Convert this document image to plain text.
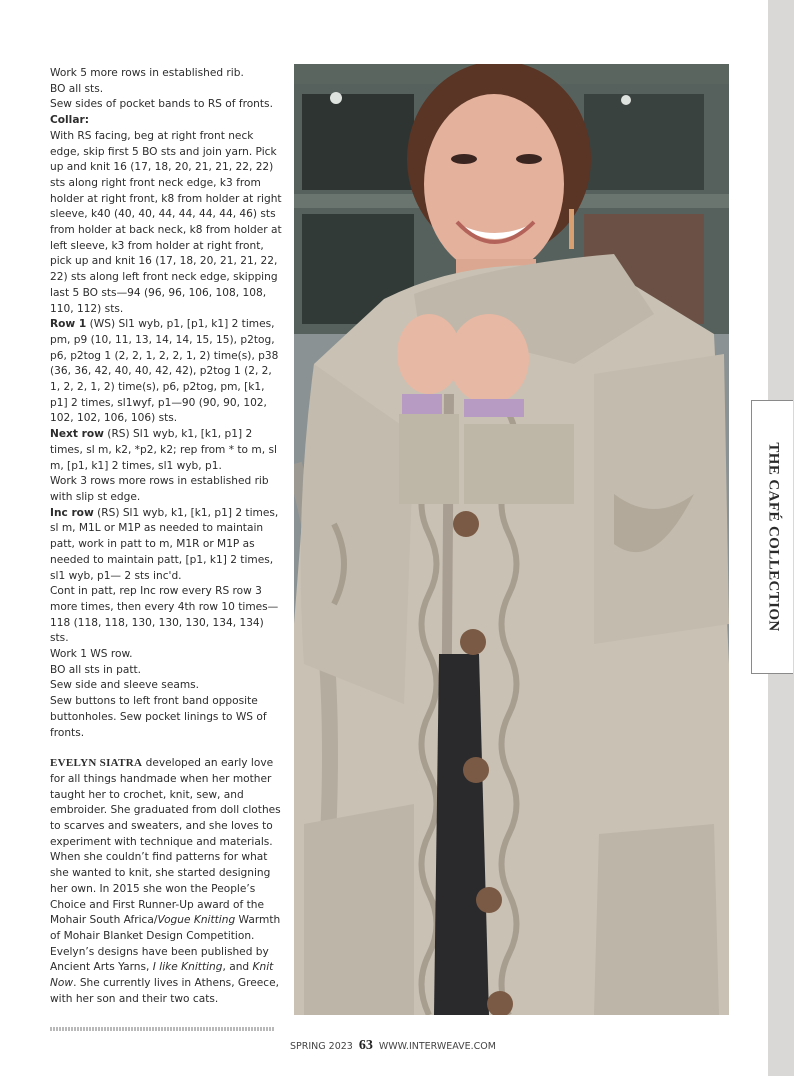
THE CAFÉ COLLECTION

Work 5 more rows in established rib.

BO all sts.

Sew sides of pocket bands to RS of fronts.

Collar:

With RS facing, beg at right front neck edge, skip first 5 BO sts and join yarn. Pick up and knit 16 (17, 18, 20, 21, 21, 22, 22) sts along right front neck edge, k3 from holder at right front, k8 from holder at right sleeve, k40 (40, 40, 44, 44, 44, 44, 46) sts from holder at back neck, k8 from holder at left sleeve, k3 from holder at right front, pick up and knit 16 (17, 18, 20, 21, 21, 22, 22) sts along left front neck edge, skipping last 5 BO sts—94 (96, 96, 106, 108, 108, 110, 112) sts.

Row 1 (WS) Sl1 wyb, p1, [p1, k1] 2 times, pm, p9 (10, 11, 13, 14, 14, 15, 15), p2tog, p6, p2tog 1 (2, 2, 1, 2, 2, 1, 2) time(s), p38 (36, 36, 42, 40, 40, 42, 42), p2tog 1 (2, 2, 1, 2, 2, 1, 2) time(s), p6, p2tog, pm, [k1, p1] 2 times, sl1wyf, p1—90 (90, 90, 102, 102, 102, 106, 106) sts.

Next row (RS) Sl1 wyb, k1, [k1, p1] 2 times, sl m, k2, *p2, k2; rep from * to m, sl m, [p1, k1] 2 times, sl1 wyb, p1.

Work 3 rows more rows in established rib with slip st edge.

Inc row (RS) Sl1 wyb, k1, [k1, p1] 2 times, sl m, M1L or M1P as needed to maintain patt, work in patt to m, M1R or M1P as needed to maintain patt, [p1, k1] 2 times, sl1 wyb, p1— 2 sts inc'd.

Cont in patt, rep Inc row every RS row 3 more times, then every 4th row 10 times—118 (118, 118, 130, 130, 130, 134, 134) sts.

Work 1 WS row.

BO all sts in patt.

Sew side and sleeve seams.

Sew buttons to left front band opposite buttonholes. Sew pocket linings to WS of fronts.

EVELYN SIATRA developed an early love for all things handmade when her mother taught her to crochet, knit, sew, and embroider. She graduated from doll clothes to scarves and sweaters, and she loves to experiment with technique and materials. When she couldn’t find patterns for what she wanted to knit, she started designing her own. In 2015 she won the People’s Choice and First Runner-Up award of the Mohair South Africa/Vogue Knitting Warmth of Mohair Blanket Design Competition. Evelyn’s designs have been published by Ancient Arts Yarns, I like Knitting, and Knit Now. She currently lives in Athens, Greece, with her son and their two cats.

SPRING 2023 63 WWW.INTERWEAVE.COM
